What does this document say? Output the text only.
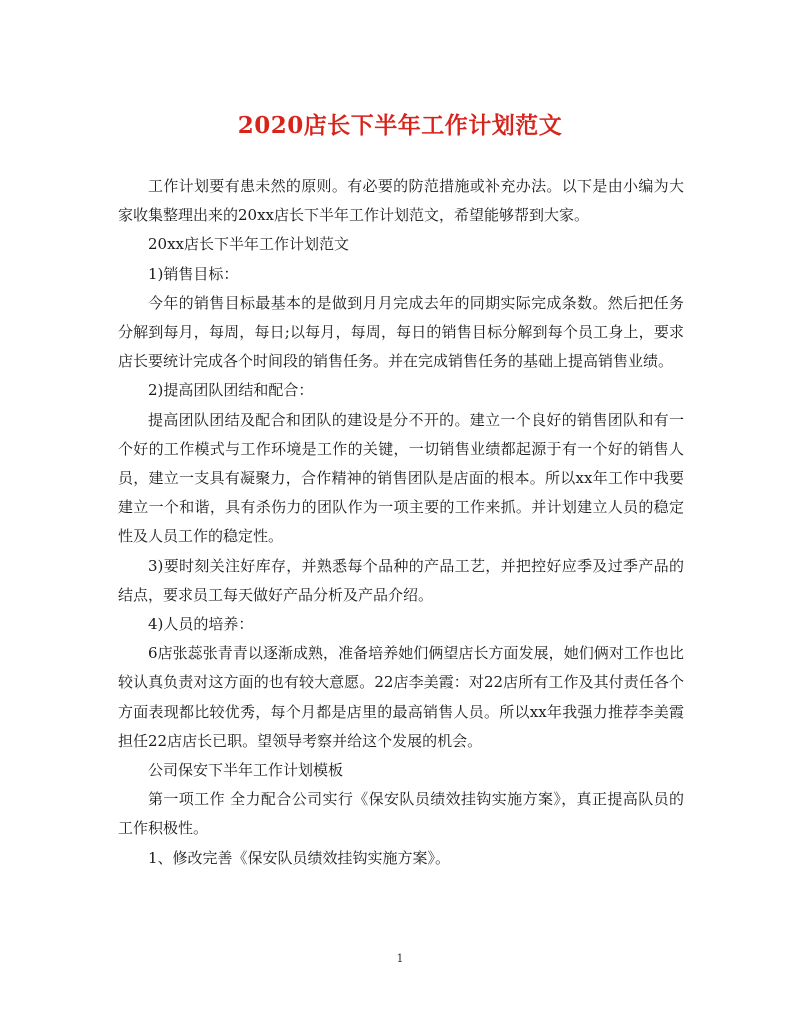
2020店长下半年工作计划范文

工作计划要有患未然的原则。有必要的防范措施或补充办法。以下是由小编为大家收集整理出来的20xx店长下半年工作计划范文，希望能够帮到大家。

20xx店长下半年工作计划范文

1)销售目标：

今年的销售目标最基本的是做到月月完成去年的同期实际完成条数。然后把任务分解到每月，每周，每日;以每月，每周，每日的销售目标分解到每个员工身上，要求店长要统计完成各个时间段的销售任务。并在完成销售任务的基础上提高销售业绩。

2)提高团队团结和配合：

提高团队团结及配合和团队的建设是分不开的。建立一个良好的销售团队和有一个好的工作模式与工作环境是工作的关键，一切销售业绩都起源于有一个好的销售人员，建立一支具有凝聚力，合作精神的销售团队是店面的根本。所以xx年工作中我要建立一个和谐，具有杀伤力的团队作为一项主要的工作来抓。并计划建立人员的稳定性及人员工作的稳定性。

3)要时刻关注好库存，并熟悉每个品种的产品工艺，并把控好应季及过季产品的结点，要求员工每天做好产品分析及产品介绍。

4)人员的培养：

6店张蕊张青青以逐渐成熟，准备培养她们俩望店长方面发展，她们俩对工作也比较认真负责对这方面的也有较大意愿。22店李美霞：对22店所有工作及其付责任各个方面表现都比较优秀，每个月都是店里的最高销售人员。所以xx年我强力推荐李美霞担任22店店长已职。望领导考察并给这个发展的机会。

公司保安下半年工作计划模板

第一项工作 全力配合公司实行《保安队员绩效挂钩实施方案》，真正提高队员的工作积极性。

1、修改完善《保安队员绩效挂钩实施方案》。

1
